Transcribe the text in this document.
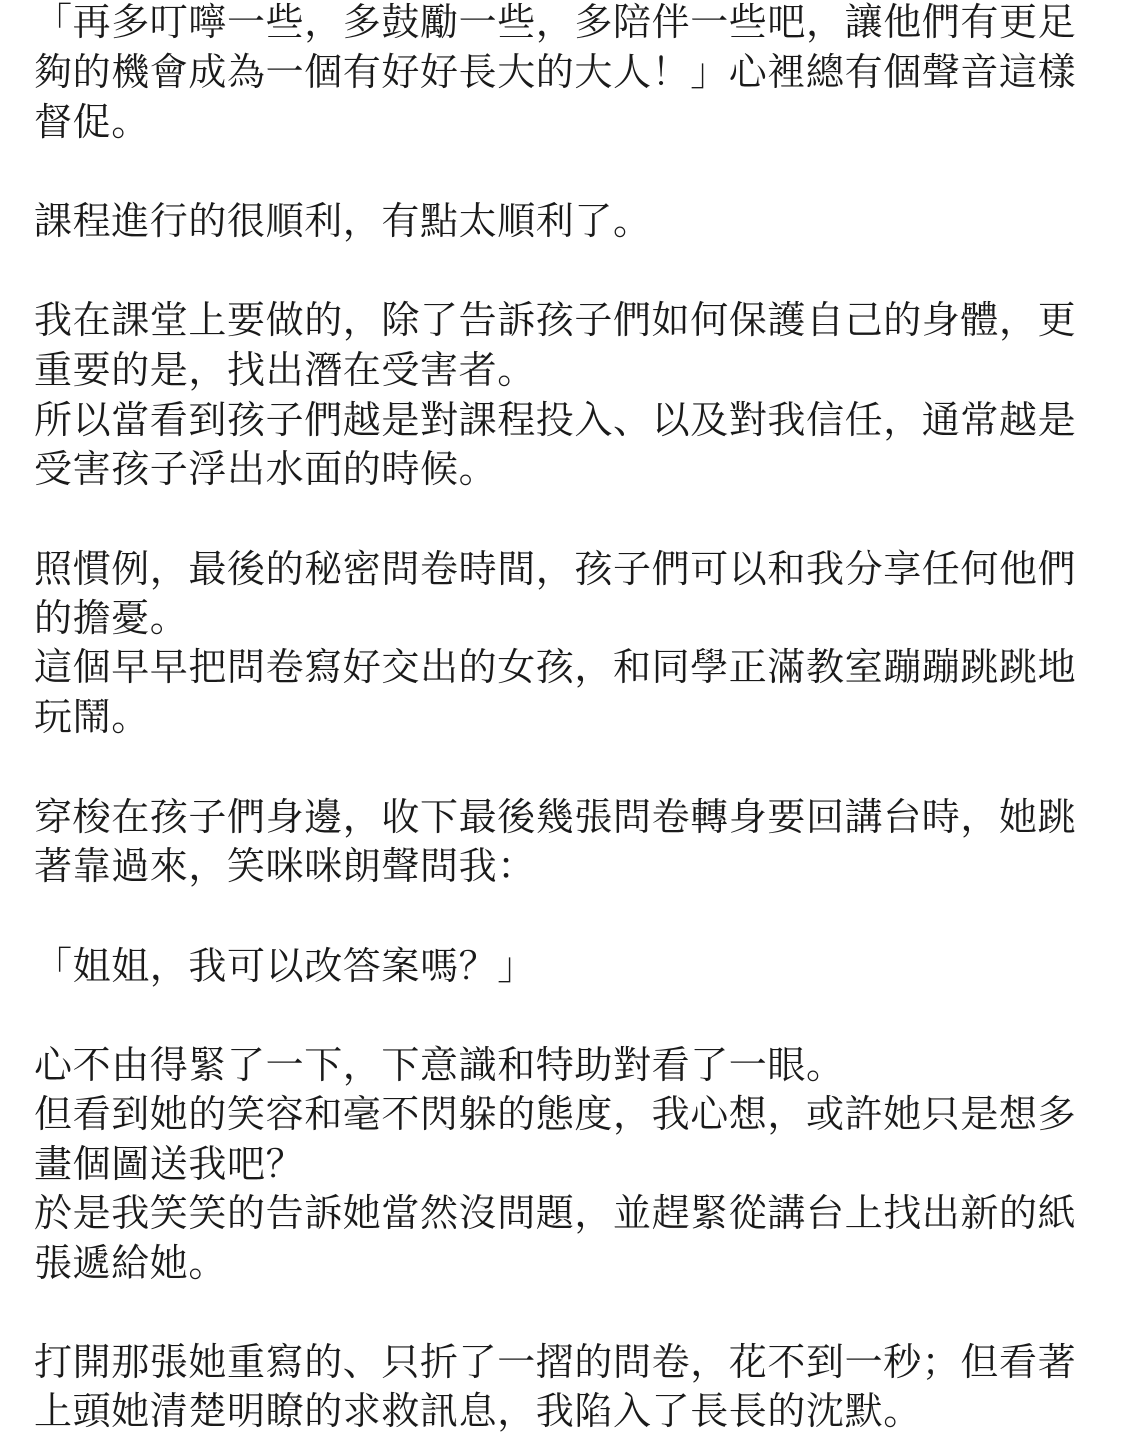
「再多叮嚀一些，多鼓勵一些，多陪伴一些吧，讓他們有更足
夠的機會成為一個有好好長大的大人！」心裡總有個聲音這樣
督促。
課程進行的很順利，有點太順利了。
我在課堂上要做的，除了告訴孩子們如何保護自己的身體，更
重要的是，找出潛在受害者。
所以當看到孩子們越是對課程投入、以及對我信任，通常越是
受害孩子浮出水面的時候。
照慣例，最後的秘密問卷時間，孩子們可以和我分享任何他們
的擔憂。
這個早早把問卷寫好交出的女孩，和同學正滿教室蹦蹦跳跳地
玩鬧。
穿梭在孩子們身邊，收下最後幾張問卷轉身要回講台時，她跳
著靠過來，笑咪咪朗聲問我：
「姐姐，我可以改答案嗎？」
心不由得緊了一下，下意識和特助對看了一眼。
但看到她的笑容和毫不閃躲的態度，我心想，或許她只是想多
畫個圖送我吧？
於是我笑笑的告訴她當然沒問題，並趕緊從講台上找出新的紙
張遞給她。
打開那張她重寫的、只折了一摺的問卷，花不到一秒；但看著
上頭她清楚明瞭的求救訊息，我陷入了長長的沈默。
